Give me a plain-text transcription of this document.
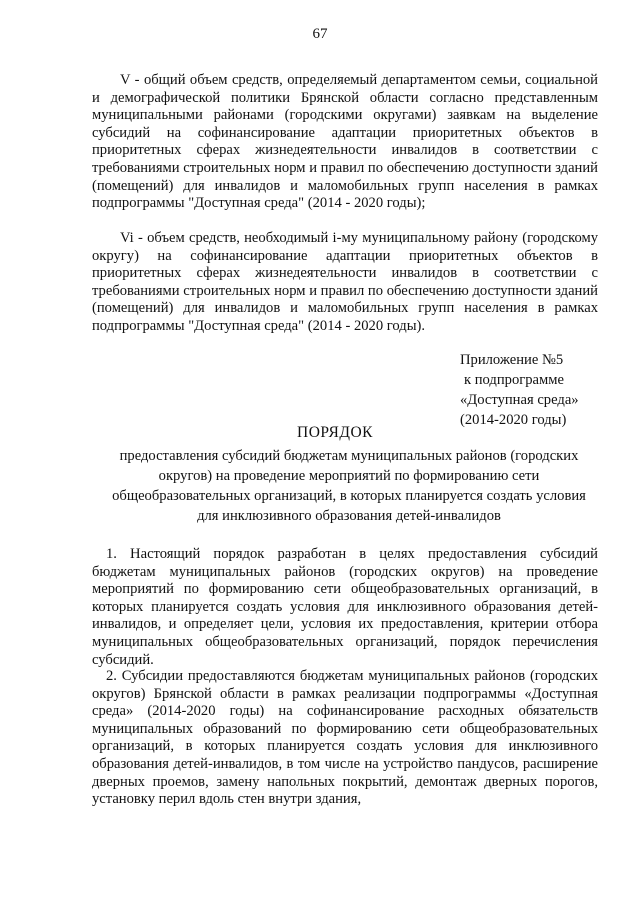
67

V - общий объем средств, определяемый департаментом семьи, социальной и демографической политики Брянской области согласно представленным муниципальными районами (городскими округами) заявкам на выделение субсидий на софинансирование адаптации приоритетных объектов в приоритетных сферах жизнедеятельности инвалидов в соответствии с требованиями строительных норм и правил по обеспечению доступности зданий (помещений) для инвалидов и маломобильных групп населения в рамках подпрограммы "Доступная среда" (2014 - 2020 годы);

Vi - объем средств, необходимый i-му муниципальному району (городскому округу) на софинансирование адаптации приоритетных объектов в приоритетных сферах жизнедеятельности инвалидов в соответствии с требованиями строительных норм и правил по обеспечению доступности зданий (помещений) для инвалидов и маломобильных групп населения в рамках подпрограммы "Доступная среда" (2014 - 2020 годы).

Приложение №5
к подпрограмме
«Доступная среда»
(2014-2020 годы)
ПОРЯДОК
предоставления субсидий бюджетам муниципальных районов (городских
округов) на проведение мероприятий по формированию сети
общеобразовательных организаций, в которых планируется создать условия
для инклюзивного образования детей-инвалидов

1. Настоящий порядок разработан в целях предоставления субсидий бюджетам муниципальных районов (городских округов) на проведение мероприятий по формированию сети общеобразовательных организаций, в которых планируется создать условия для инклюзивного образования детей-инвалидов, и определяет цели, условия их предоставления, критерии отбора муниципальных общеобразовательных организаций, порядок перечисления субсидий.

2. Субсидии предоставляются бюджетам муниципальных районов (городских округов) Брянской области в рамках реализации подпрограммы «Доступная среда» (2014-2020 годы) на софинансирование расходных обязательств муниципальных образований по формированию сети общеобразовательных организаций, в которых планируется создать условия для инклюзивного образования детей-инвалидов, в том числе на устройство пандусов, расширение дверных проемов, замену напольных покрытий, демонтаж дверных порогов, установку перил вдоль стен внутри здания,
